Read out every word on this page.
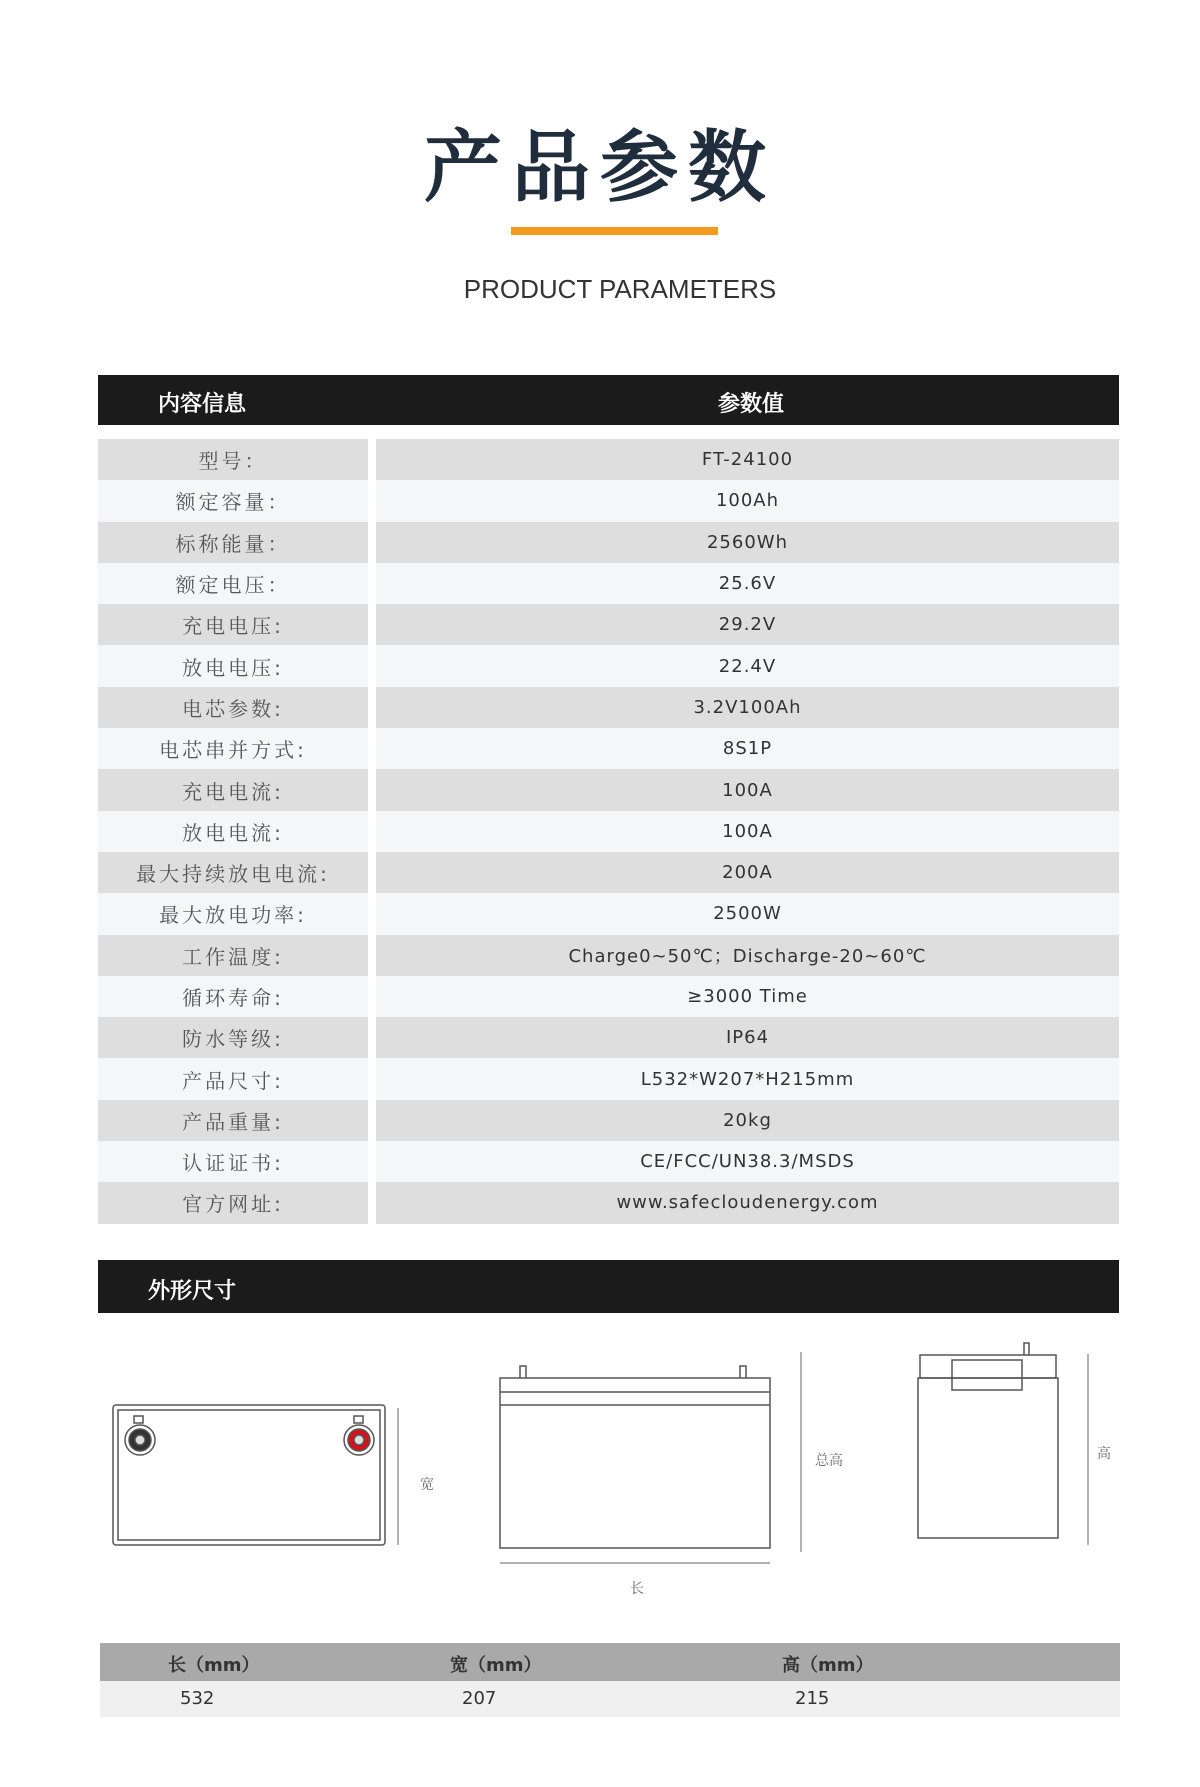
产品参数
PRODUCT PARAMETERS
内容信息	参数值
型号：	FT-24100
额定容量：	100Ah
标称能量：	2560Wh
额定电压：	25.6V
充电电压:	29.2V
放电电压:	22.4V
电芯参数:	3.2V100Ah
电芯串并方式:	8S1P
充电电流:	100A
放电电流:	100A
最大持续放电电流:	200A
最大放电功率:	2500W
工作温度:	Charge0~50℃；Discharge-20~60℃
循环寿命:	≥3000 Time
防水等级:	IP64
产品尺寸:	L532*W207*H215mm
产品重量:	20kg
认证证书:	CE/FCC/UN38.3/MSDS
官方网址:	www.safecloudenergy.com
外形尺寸
宽
总高
长
高
长（mm）	宽（mm）	高（mm）
532	207	215
